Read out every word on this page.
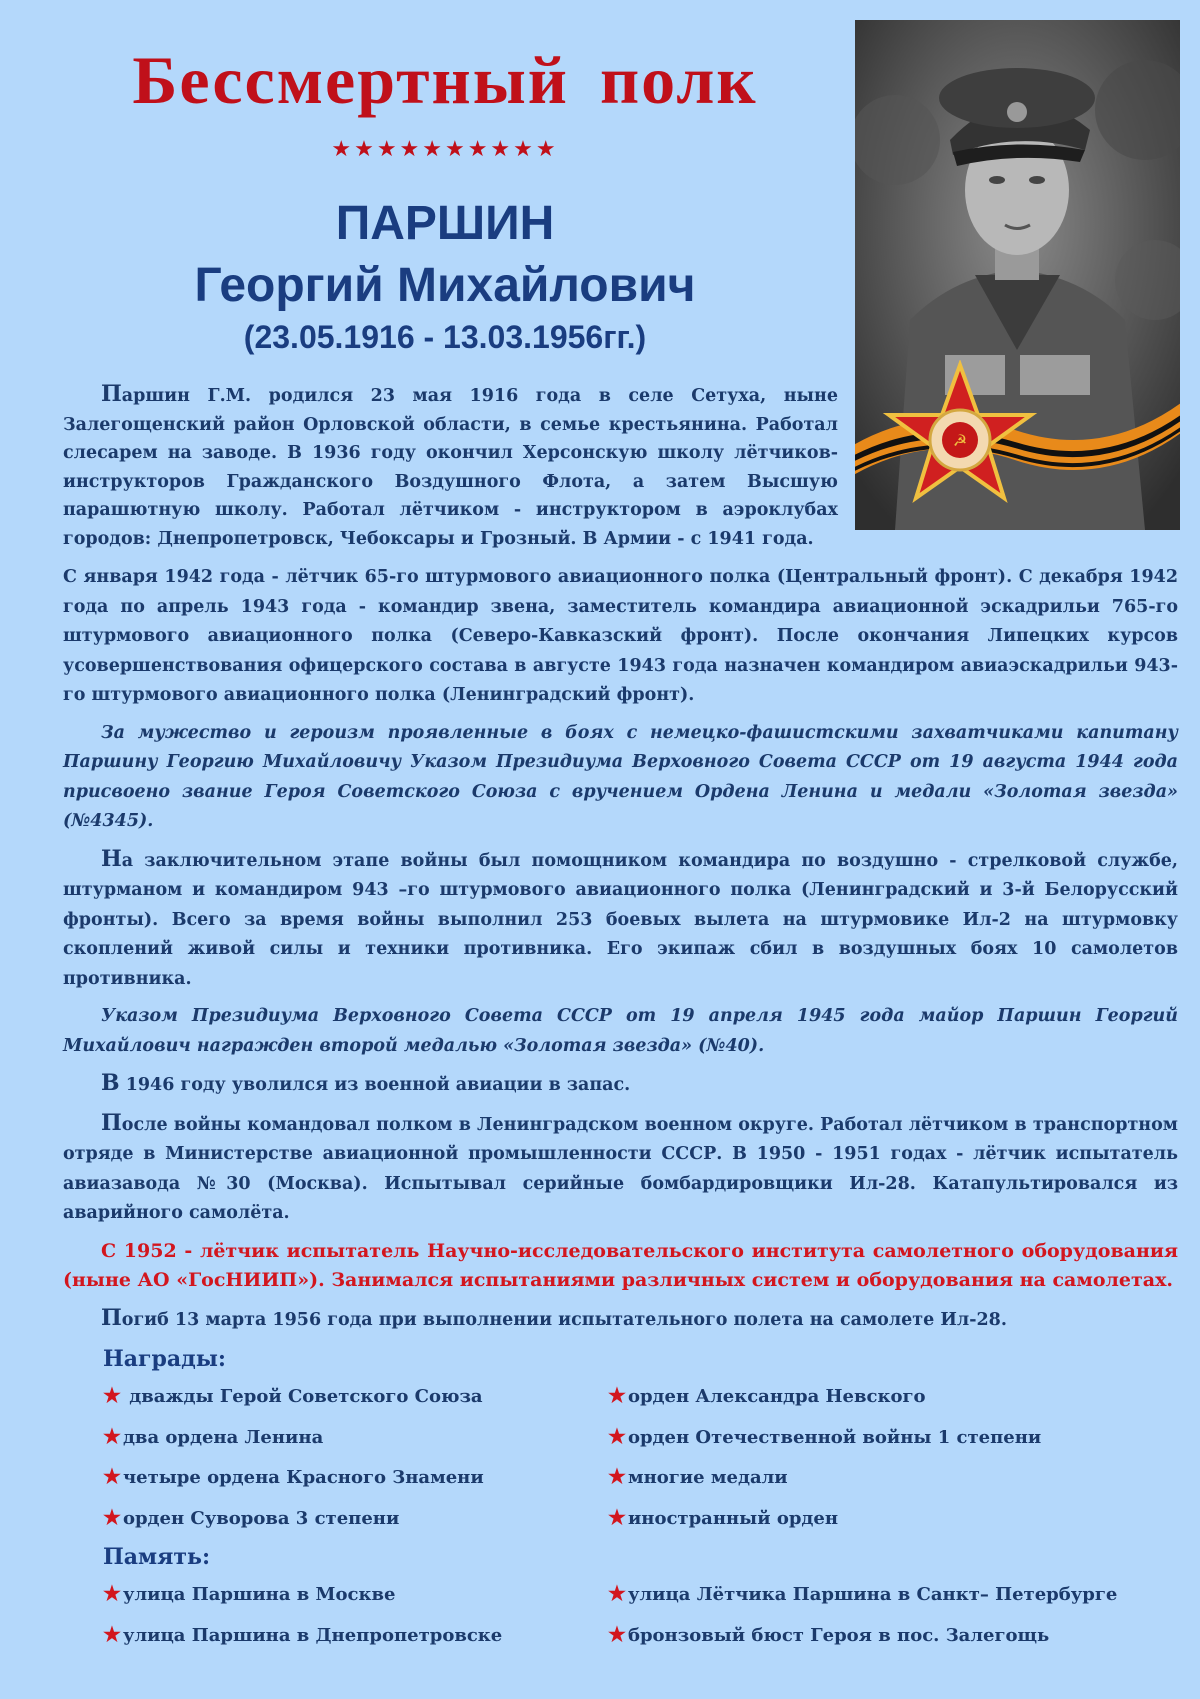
Бессмертный полк
★★★★★★★★★★
ПАРШИН
Георгий Михайлович
(23.05.1916 - 13.03.1956гг.)
☭

Паршин Г.М. родился 23 мая 1916 года в селе Сетуха, ныне Залегощенский район Орловской области, в семье крестьянина. Работал слесарем на заводе. В 1936 году окончил Херсонскую школу лётчиков-инструкторов Гражданского Воздушного Флота, а затем Высшую парашютную школу. Работал лётчиком - инструктором в аэроклубах городов: Днепропетровск, Чебоксары и Грозный. В Армии - с 1941 года.

С января 1942 года - лётчик 65-го штурмового авиационного полка (Центральный фронт). С декабря 1942 года по апрель 1943 года - командир звена, заместитель командира авиационной эскадрильи 765-го штурмового авиационного полка (Северо-Кавказский фронт). После окончания Липецких курсов усовершенствования офицерского состава в августе 1943 года назначен командиром авиаэскадрильи 943-го штурмового авиационного полка (Ленинградский фронт).

За мужество и героизм проявленные в боях с немецко-фашистскими захватчиками капитану Паршину Георгию Михайловичу Указом Президиума Верховного Совета СССР от 19 августа 1944 года присвоено звание Героя Советского Союза с вручением Ордена Ленина и медали «Золотая звезда» (№4345).

На заключительном этапе войны был помощником командира по воздушно - стрелковой службе, штурманом и командиром 943 –го штурмового авиационного полка (Ленинградский и 3-й Белорусский фронты). Всего за время войны выполнил 253 боевых вылета на штурмовике Ил-2 на штурмовку скоплений живой силы и техники противника. Его экипаж сбил в воздушных боях 10 самолетов противника.

Указом Президиума Верховного Совета СССР от 19 апреля 1945 года майор Паршин Георгий Михайлович награжден второй медалью «Золотая звезда» (№40).

В 1946 году уволился из военной авиации в запас.

После войны командовал полком в Ленинградском военном округе. Работал лётчиком в транспортном отряде в Министерстве авиационной промышленности СССР. В 1950 - 1951 годах - лётчик испытатель авиазавода №30 (Москва). Испытывал серийные бомбардировщики Ил-28. Катапультировался из аварийного самолёта.

С 1952 - лётчик испытатель Научно-исследовательского института самолетного оборудования (ныне АО «ГосНИИП»). Занимался испытаниями различных систем и оборудования на самолетах.

Погиб 13 марта 1956 года при выполнении испытательного полета на самолете Ил-28.

Награды:
★ дважды Герой Советского Союза	★ орден Александра Невского
★ два ордена Ленина	★ орден Отечественной войны 1 степени
★ четыре ордена Красного Знамени	★ многие медали
★ орден Суворова 3 степени	★ иностранный орден
Память:
★ улица Паршина в Москве	★ улица Лётчика Паршина в Санкт– Петербурге
★ улица Паршина в Днепропетровске	★ бронзовый бюст Героя в пос. Залегощь
